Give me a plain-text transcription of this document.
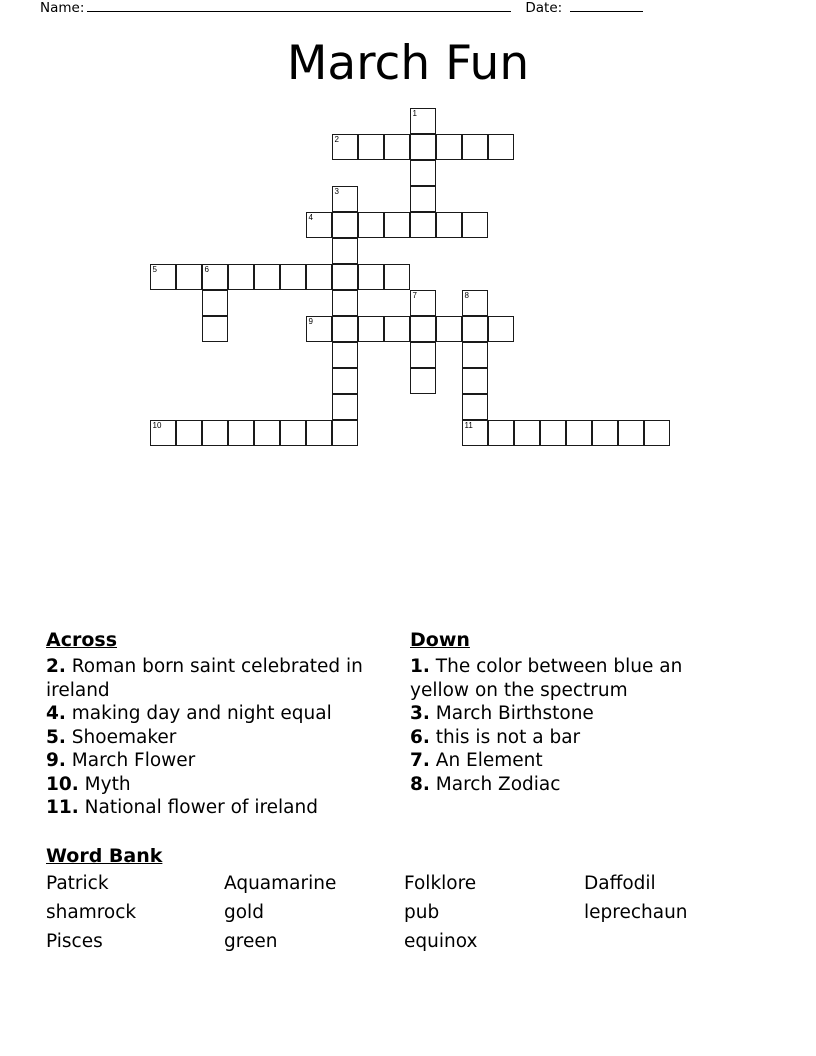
Name:	Date:
March Fun
1
2
3
4
5	6
7	8
11
9
10
Across
2. Roman born saint celebrated in ireland
4. making day and night equal
5. Shoemaker
9. March Flower
10. Myth
11. National flower of ireland
Down
1. The color between blue an yellow on the spectrum
3. March Birthstone
6. this is not a bar
7. An Element
8. March Zodiac
Word Bank
Patrick	Aquamarine	Folklore	Daffodil
shamrock	gold	pub	leprechaun
Pisces	green	equinox
